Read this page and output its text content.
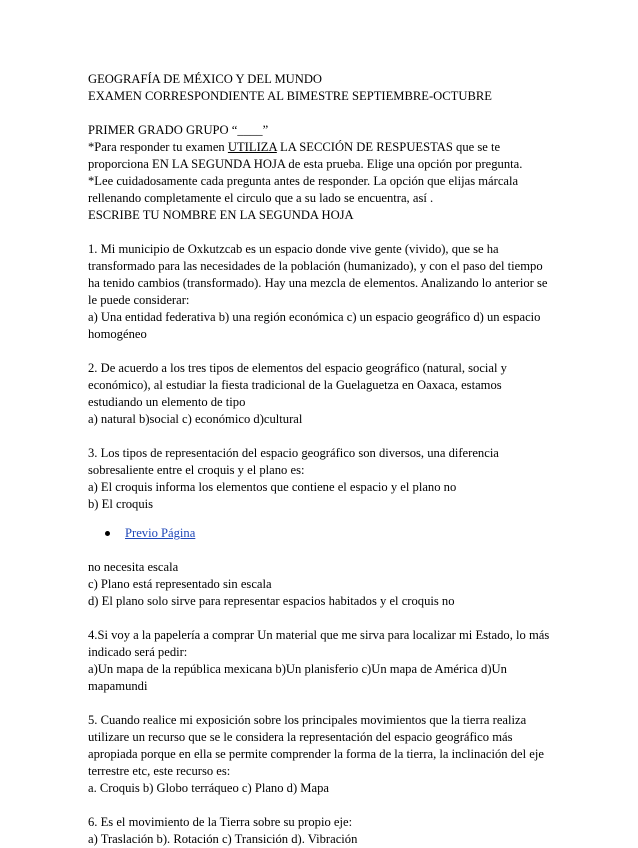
GEOGRAFÍA DE MÉXICO Y DEL MUNDO
EXAMEN CORRESPONDIENTE AL BIMESTRE SEPTIEMBRE-OCTUBRE
PRIMER GRADO GRUPO “____”
*Para responder tu examen UTILIZA LA SECCIÓN DE RESPUESTAS que se te
proporciona EN LA SEGUNDA HOJA de esta prueba. Elige una opción por pregunta.
*Lee cuidadosamente cada pregunta antes de responder. La opción que elijas márcala
rellenando completamente el circulo que a su lado se encuentra, así .
ESCRIBE TU NOMBRE EN LA SEGUNDA HOJA
1. Mi municipio de Oxkutzcab es un espacio donde vive gente (vivido), que se ha
transformado para las necesidades de la población (humanizado), y con el paso del tiempo
ha tenido cambios (transformado). Hay una mezcla de elementos. Analizando lo anterior se
le puede considerar:
a) Una entidad federativa b) una región económica c) un espacio geográfico d) un espacio
homogéneo
2. De acuerdo a los tres tipos de elementos del espacio geográfico (natural, social y
económico), al estudiar la fiesta tradicional de la Guelaguetza en Oaxaca, estamos
estudiando un elemento de tipo
a) natural b)social c) económico d)cultural
3. Los tipos de representación del espacio geográfico son diversos, una diferencia
sobresaliente entre el croquis y el plano es:
a) El croquis informa los elementos que contiene el espacio y el plano no
b) El croquis
Previo Página
no necesita escala
c) Plano está representado sin escala
d) El plano solo sirve para representar espacios habitados y el croquis no
4.Si voy a la papelería a comprar Un material que me sirva para localizar mi Estado, lo más
indicado será pedir:
a)Un mapa de la república mexicana b)Un planisferio c)Un mapa de América d)Un
mapamundi
5. Cuando realice mi exposición sobre los principales movimientos que la tierra realiza
utilizare un recurso que se le considera la representación del espacio geográfico más
apropiada porque en ella se permite comprender la forma de la tierra, la inclinación del eje
terrestre etc, este recurso es:
a. Croquis b) Globo terráqueo c) Plano d) Mapa
6. Es el movimiento de la Tierra sobre su propio eje:
a) Traslación b). Rotación c) Transición d). Vibración
